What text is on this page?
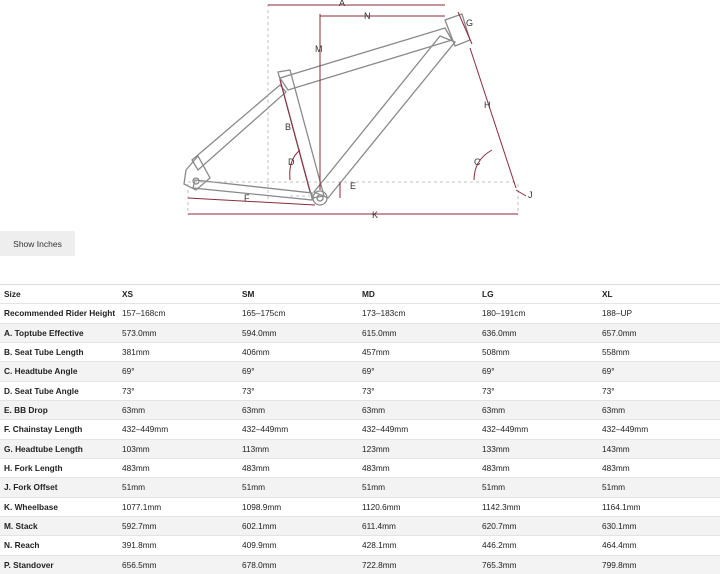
A
N
G
M
H
B
C
D
E
J
F
K
Show Inches
Size	XS	SM	MD	LG	XL
Recommended Rider Height	157–168cm	165–175cm	173–183cm	180–191cm	188–UP
A. Toptube Effective	573.0mm	594.0mm	615.0mm	636.0mm	657.0mm
B. Seat Tube Length	381mm	406mm	457mm	508mm	558mm
C. Headtube Angle	69°	69°	69°	69°	69°
D. Seat Tube Angle	73°	73°	73°	73°	73°
E. BB Drop	63mm	63mm	63mm	63mm	63mm
F. Chainstay Length	432–449mm	432–449mm	432–449mm	432–449mm	432–449mm
G. Headtube Length	103mm	113mm	123mm	133mm	143mm
H. Fork Length	483mm	483mm	483mm	483mm	483mm
J. Fork Offset	51mm	51mm	51mm	51mm	51mm
K. Wheelbase	1077.1mm	1098.9mm	1120.6mm	1142.3mm	1164.1mm
M. Stack	592.7mm	602.1mm	611.4mm	620.7mm	630.1mm
N. Reach	391.8mm	409.9mm	428.1mm	446.2mm	464.4mm
P. Standover	656.5mm	678.0mm	722.8mm	765.3mm	799.8mm
